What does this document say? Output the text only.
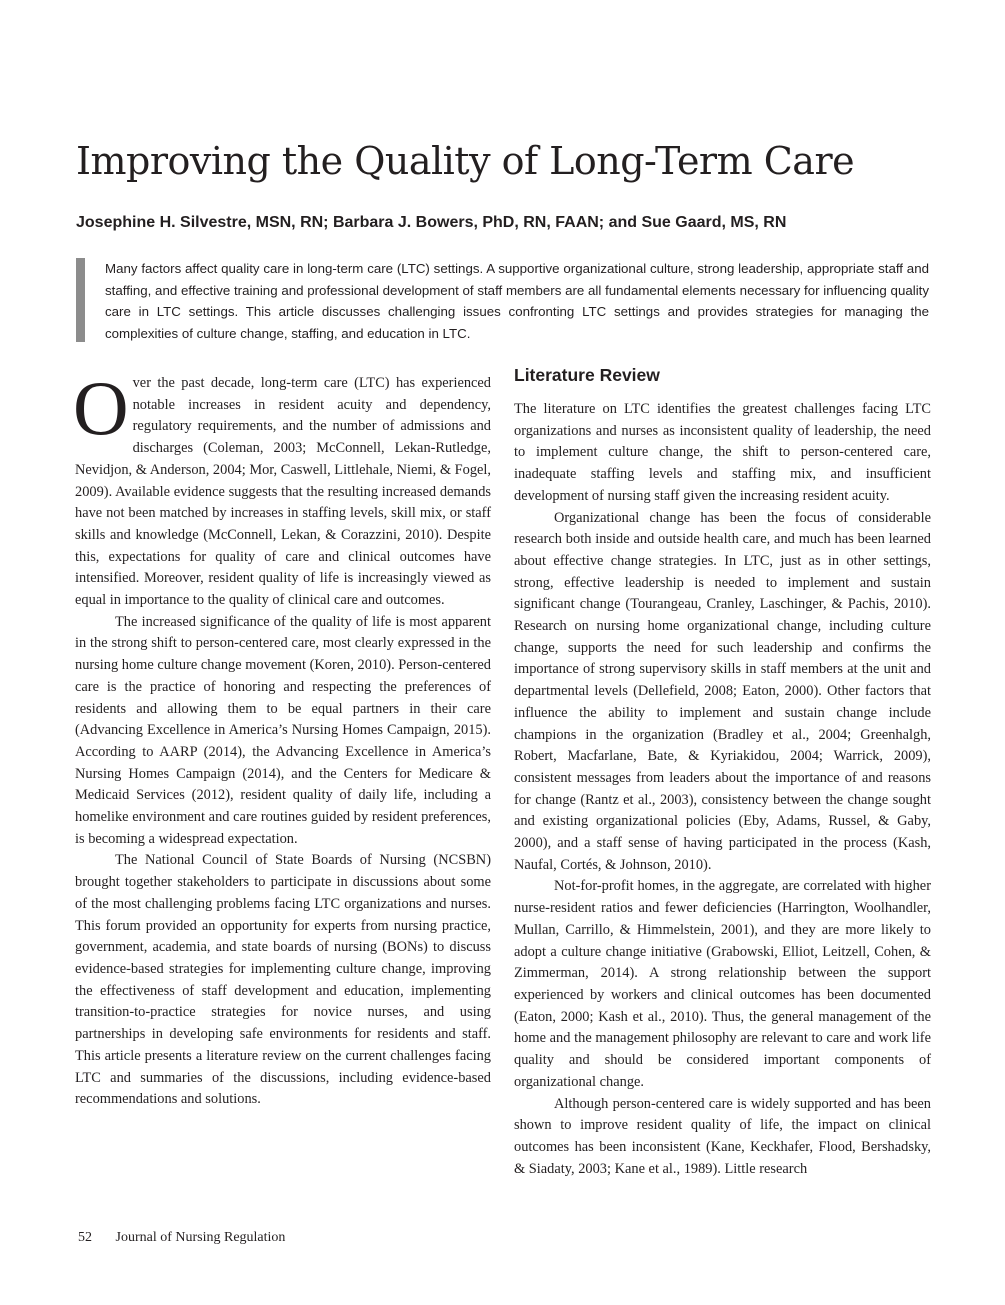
Improving the Quality of Long-Term Care
Josephine H. Silvestre, MSN, RN; Barbara J. Bowers, PhD, RN, FAAN; and Sue Gaard, MS, RN

Many factors affect quality care in long-term care (LTC) settings. A supportive organizational culture, strong leadership, appropriate staff and staffing, and effective training and professional development of staff members are all fundamental elements necessary for influencing quality care in LTC settings. This article discusses challenging issues confronting LTC settings and provides strategies for managing the complexities of culture change, staffing, and education in LTC.

Over the past decade, long-term care (LTC) has experienced notable increases in resident acuity and dependency, regulatory requirements, and the number of admissions and discharges (Coleman, 2003; McConnell, Lekan-Rutledge, Nevidjon, & Anderson, 2004; Mor, Caswell, Littlehale, Niemi, & Fogel, 2009). Available evidence suggests that the resulting increased demands have not been matched by increases in staffing levels, skill mix, or staff skills and knowledge (McConnell, Lekan, & Corazzini, 2010). Despite this, expectations for quality of care and clinical outcomes have intensified. Moreover, resident quality of life is increasingly viewed as equal in importance to the quality of clinical care and outcomes.

The increased significance of the quality of life is most apparent in the strong shift to person-centered care, most clearly expressed in the nursing home culture change movement (Koren, 2010). Person-centered care is the practice of honoring and respecting the preferences of residents and allowing them to be equal partners in their care (Advancing Excellence in America’s Nursing Homes Campaign, 2015). According to AARP (2014), the Advancing Excellence in America’s Nursing Homes Campaign (2014), and the Centers for Medicare & Medicaid Services (2012), resident quality of daily life, including a homelike environment and care routines guided by resident preferences, is becoming a widespread expectation.

The National Council of State Boards of Nursing (NCSBN) brought together stakeholders to participate in discussions about some of the most challenging problems facing LTC organizations and nurses. This forum provided an opportunity for experts from nursing practice, government, academia, and state boards of nursing (BONs) to discuss evidence-based strategies for implementing culture change, improving the effectiveness of staff development and education, implementing transition-to-practice strategies for novice nurses, and using partnerships in developing safe environments for residents and staff. This article presents a literature review on the current challenges facing LTC and summaries of the discussions, including evidence-based recommendations and solutions.

Literature Review

The literature on LTC identifies the greatest challenges facing LTC organizations and nurses as inconsistent quality of leadership, the need to implement culture change, the shift to person-centered care, inadequate staffing levels and staffing mix, and insufficient development of nursing staff given the increasing resident acuity.

Organizational change has been the focus of considerable research both inside and outside health care, and much has been learned about effective change strategies. In LTC, just as in other settings, strong, effective leadership is needed to implement and sustain significant change (Tourangeau, Cranley, Laschinger, & Pachis, 2010). Research on nursing home organizational change, including culture change, supports the need for such leadership and confirms the importance of strong supervisory skills in staff members at the unit and departmental levels (Dellefield, 2008; Eaton, 2000). Other factors that influence the ability to implement and sustain change include champions in the organization (Bradley et al., 2004; Greenhalgh, Robert, Macfarlane, Bate, & Kyriakidou, 2004; Warrick, 2009), consistent messages from leaders about the importance of and reasons for change (Rantz et al., 2003), consistency between the change sought and existing organizational policies (Eby, Adams, Russel, & Gaby, 2000), and a staff sense of having participated in the process (Kash, Naufal, Cortés, & Johnson, 2010).

Not-for-profit homes, in the aggregate, are correlated with higher nurse-resident ratios and fewer deficiencies (Harrington, Woolhandler, Mullan, Carrillo, & Himmelstein, 2001), and they are more likely to adopt a culture change initiative (Grabowski, Elliot, Leitzell, Cohen, & Zimmerman, 2014). A strong relationship between the support experienced by workers and clinical outcomes has been documented (Eaton, 2000; Kash et al., 2010). Thus, the general management of the home and the management philosophy are relevant to care and work life quality and should be considered important components of organizational change.

Although person-centered care is widely supported and has been shown to improve resident quality of life, the impact on clinical outcomes has been inconsistent (Kane, Keckhafer, Flood, Bershadsky, & Siadaty, 2003; Kane et al., 1989). Little research

52 Journal of Nursing Regulation
